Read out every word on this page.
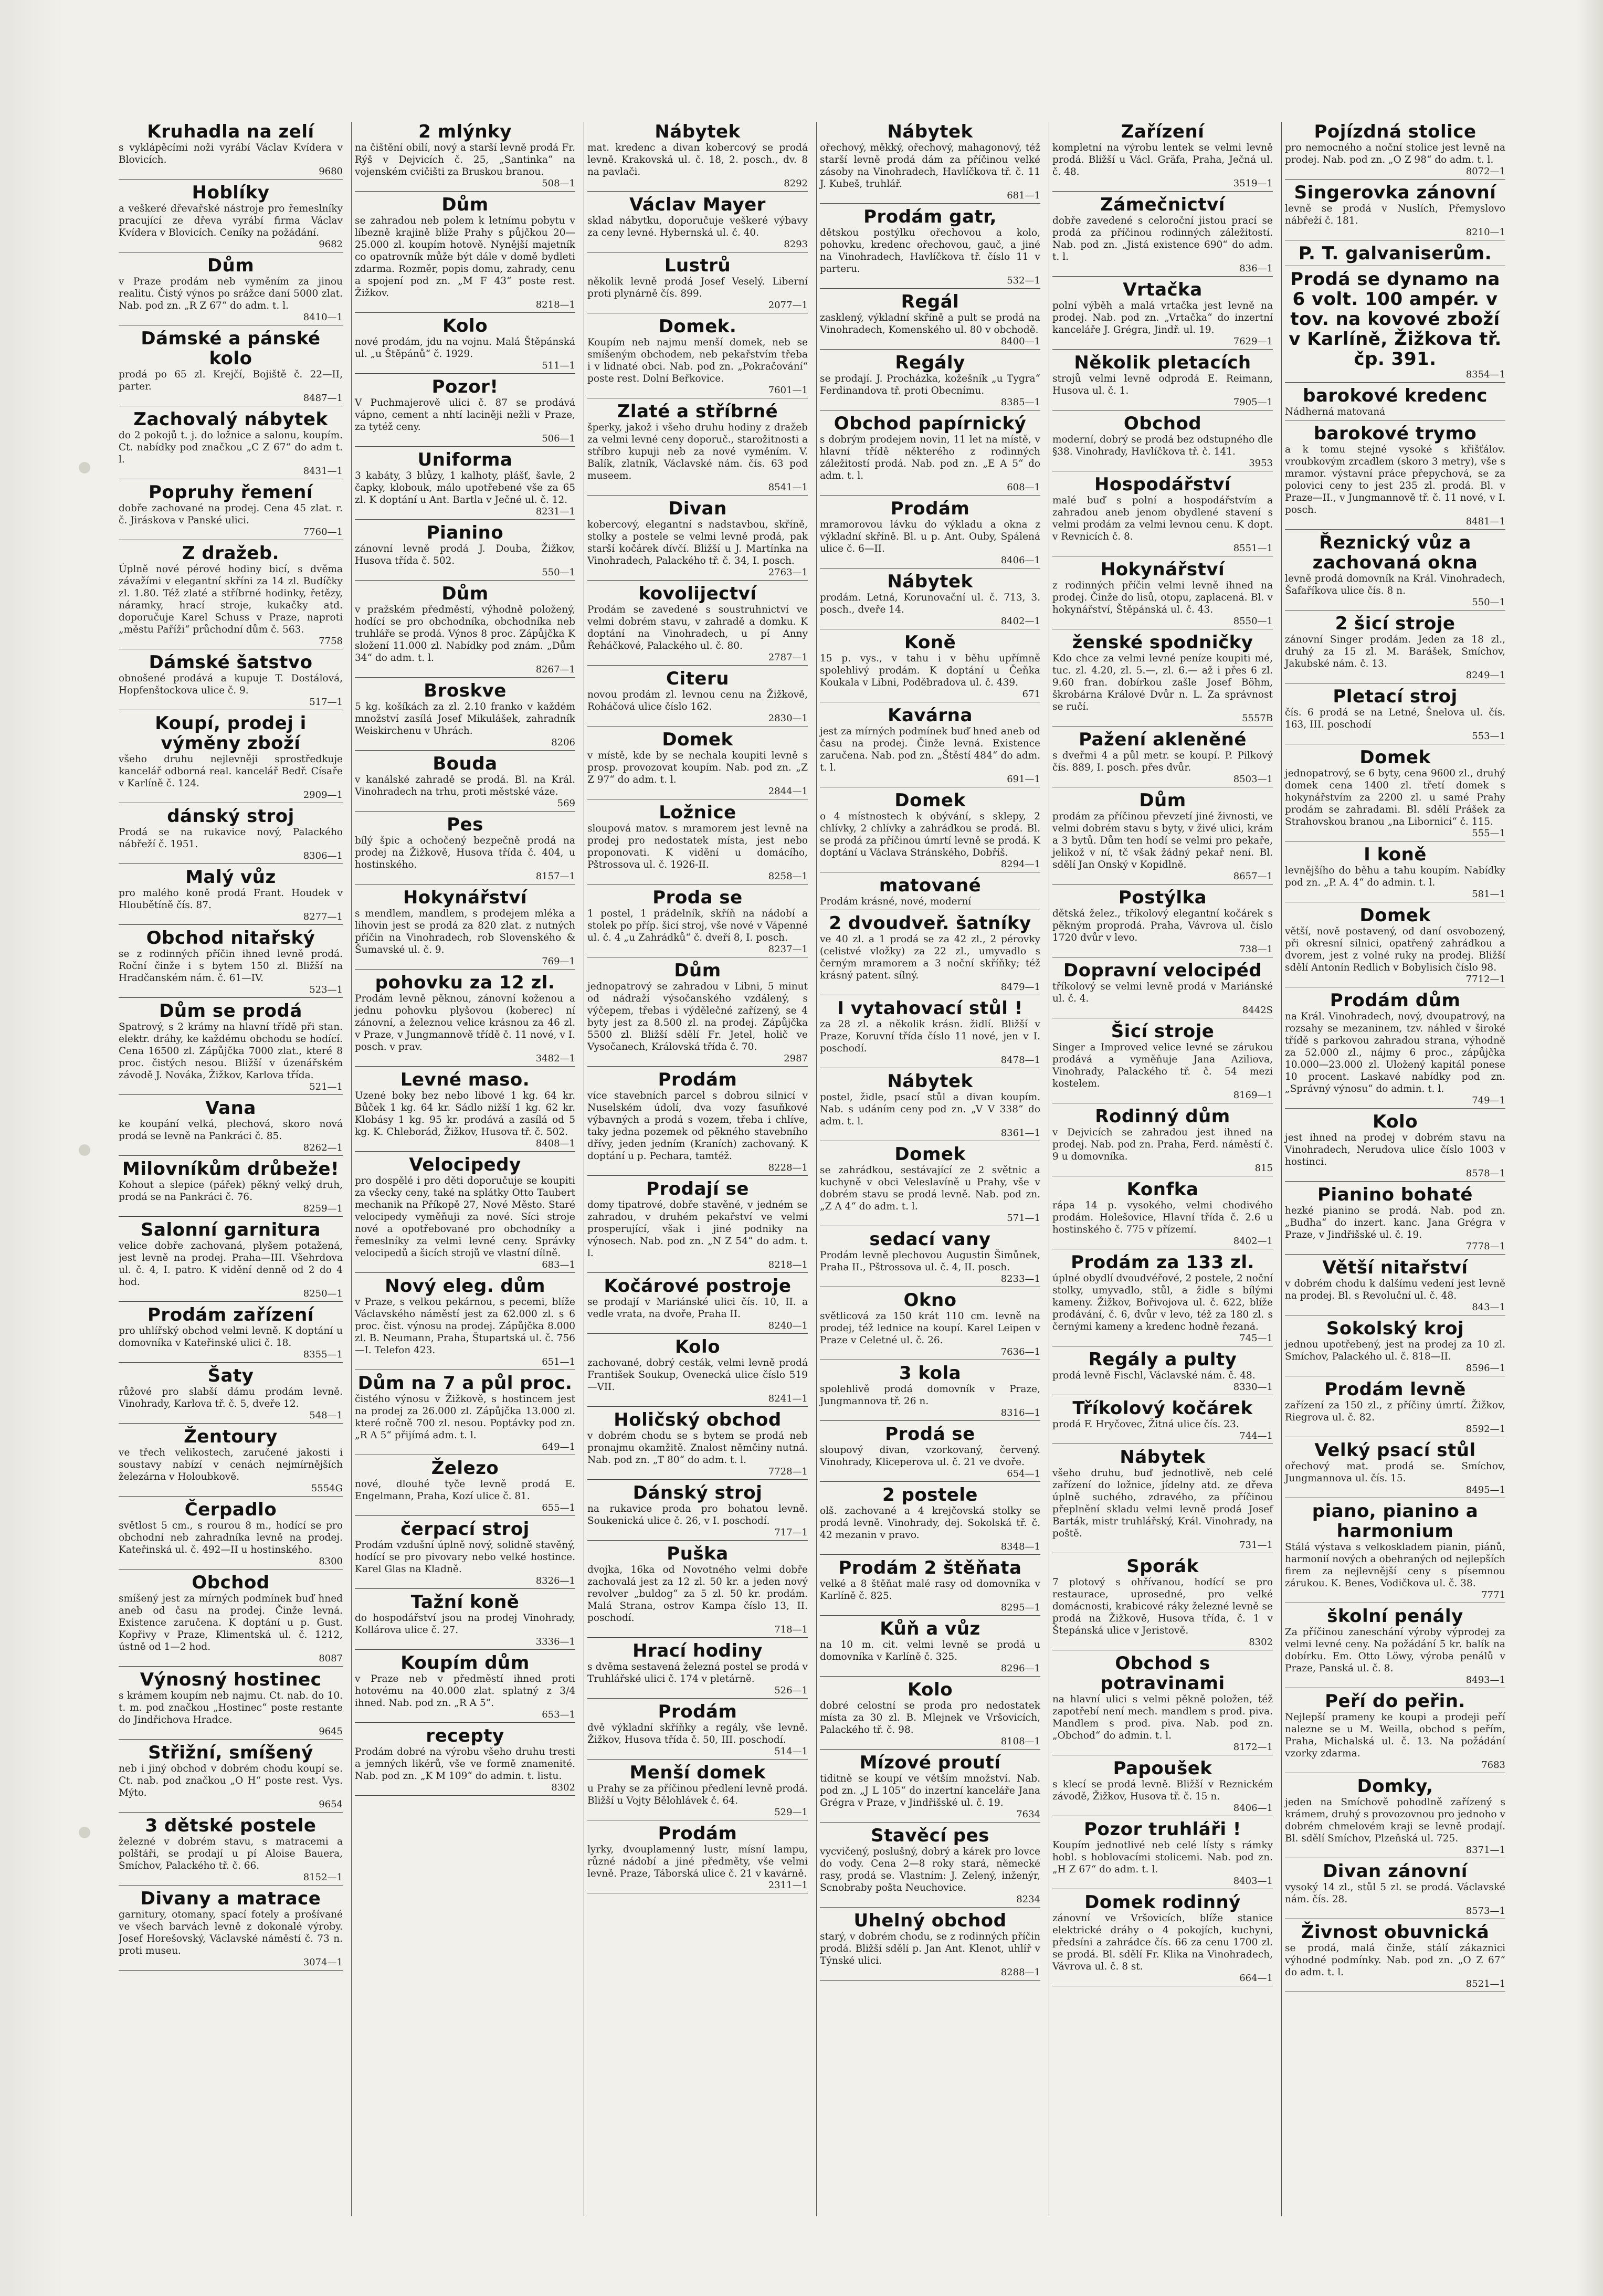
Kruhadla na zelí
s vyklápěcími noži vyrábí Václav Kvídera v Blovicích.
9680
Hoblíky
a veškeré dřevařské nástroje pro řemeslníky pracující ze dřeva vyrábí firma Václav Kvídera v Blovicích. Ceníky na požádání.
9682
Dům
v Praze prodám neb vyměním za jinou realitu. Čistý výnos po srážce daní 5000 zlat. Nab. pod zn. „R Z 67“ do adm. t. l.
8410—1
Dámské a pánské kolo
prodá po 65 zl. Krejčí, Bojiště č. 22—II, parter.
8487—1
Zachovalý nábytek
do 2 pokojů t. j. do ložnice a salonu, koupím. Ct. nabídky pod značkou „C Z 67“ do adm t. l.
8431—1
Popruhy řemení
dobře zachované na prodej. Cena 45 zlat. r. č. Jiráskova v Panské ulici.
7760—1
Z dražeb.
Úplně nové pérové hodiny bicí, s dvěma závažími v elegantní skříni za 14 zl. Budíčky zl. 1.80. Též zlaté a stříbrné hodinky, řetězy, náramky, hrací stroje, kukačky atd. doporučuje Karel Schuss v Praze, naproti „městu Paříži“ průchodní dům č. 563.
7758
Dámské šatstvo
obnošené prodává a kupuje T. Dostálová, Hopfenštockova ulice č. 9.
517—1
Koupí, prodej i výměny zboží
všeho druhu nejlevněji sprostředkuje kancelář odborná real. kancelář Bedř. Císaře v Karlíně č. 124.
2909—1
dánský stroj
Prodá se na rukavice nový, Palackého nábřeží č. 1951.
8306—1
Malý vůz
pro malého koně prodá Frant. Houdek v Hloubětíně čís. 87.
8277—1
Obchod nitařský
se z rodinných příčin ihned levně prodá. Roční činže i s bytem 150 zl. Bližší na Hradčanském nám. č. 61—IV.
523—1
Dům se prodá
Spatrový, s 2 krámy na hlavní třídě při stan. elektr. dráhy, ke každému obchodu se hodící. Cena 16500 zl. Zápůjčka 7000 zlat., které 8 proc. čistých nesou. Bližší v úzenářském závodě J. Nováka, Žižkov, Karlova třída.
521—1
Vana
ke koupání velká, plechová, skoro nová prodá se levně na Pankráci č. 85.
8262—1
Milovníkům drůbeže!
Kohout a slepice (pářek) pěkný velký druh, prodá se na Pankráci č. 76.
8259—1
Salonní garnitura
velice dobře zachovaná, plyšem potažená, jest levně na prodej. Praha—III. Všehrdova ul. č. 4, I. patro. K vidění denně od 2 do 4 hod.
8250—1
Prodám zařízení
pro uhlířský obchod velmi levně. K doptání u domovníka v Kateřinské ulici č. 18.
8355—1
Šaty
růžové pro slabší dámu prodám levně. Vinohrady, Karlova tř. č. 5, dveře 12.
548—1
Žentoury
ve třech velikostech, zaručené jakosti i soustavy nabízí v cenách nejmírnějších železárna v Holoubkově.
5554G
Čerpadlo
světlost 5 cm., s rourou 8 m., hodící se pro obchodní neb zahradníka levně na prodej. Kateřinská ul. č. 492—II u hostinského.
8300
Obchod
smíšený jest za mírných podmínek buď hned aneb od času na prodej. Činže levná. Existence zaručena. K doptání u p. Gust. Kopřivy v Praze, Klimentská ul. č. 1212, ústně od 1—2 hod.
8087
Výnosný hostinec
s krámem koupím neb najmu. Ct. nab. do 10. t. m. pod značkou „Hostinec“ poste restante do Jindřichova Hradce.
9645
Střižní, smíšený
neb i jiný obchod v dobrém chodu koupí se. Ct. nab. pod značkou „O H“ poste rest. Vys. Mýto.
9654
3 dětské postele
železné v dobrém stavu, s matracemi a polštáři, se prodají u pí Aloise Bauera, Smíchov, Palackého tř. č. 66.
8152—1
Divany a matrace
garnitury, otomany, spací fotely a prošívané ve všech barvách levně z dokonalé výroby. Josef Horešovský, Václavské náměstí č. 73 n. proti museu.
3074—1
2 mlýnky
na čištění obilí, nový a starší levně prodá Fr. Rýš v Dejvicích č. 25, „Santinka“ na vojenském cvičišti za Bruskou branou.
508—1
Dům
se zahradou neb polem k letnímu pobytu v líbezně krajině blíže Prahy s půjčkou 20—25.000 zl. koupím hotově. Nynější majetník co opatrovník může být dále v domě bydleti zdarma. Rozměr, popis domu, zahrady, cenu a spojení pod zn. „M F 43“ poste rest. Žižkov.
8218—1
Kolo
nové prodám, jdu na vojnu. Malá Štěpánská ul. „u Štěpánů“ č. 1929.
511—1
Pozor!
V Puchmajerově ulici č. 87 se prodává vápno, cement a nhtí laciněji nežli v Praze, za tytéž ceny.
506—1
Uniforma
3 kabáty, 3 blůzy, 1 kalhoty, plášť, šavle, 2 čapky, klobouk, málo upotřebené vše za 65 zl. K doptání u Ant. Bartla v Ječné ul. č. 12.
8231—1
Pianino
zánovní levně prodá J. Douba, Žižkov, Husova třída č. 502.
550—1
Dům
v pražském předměstí, výhodně položený, hodící se pro obchodníka, obchodníka neb truhláře se prodá. Výnos 8 proc. Zápůjčka K složení 11.000 zl. Nabídky pod znám. „Dům 34“ do adm. t. l.
8267—1
Broskve
5 kg. košíkách za zl. 2.10 franko v každém množství zasílá Josef Mikulášek, zahradník Weiskirchenu v Uhrách.
8206
Bouda
v kanálské zahradě se prodá. Bl. na Král. Vinohradech na trhu, proti městské váze.
569
Pes
bílý špic a ochočený bezpečně prodá na prodej na Žižkově, Husova třída č. 404, u hostinského.
8157—1
Hokynářství
s mendlem, mandlem, s prodejem mléka a lihovin jest se prodá za 820 zlat. z nutných příčin na Vinohradech, rob Slovenského & Šumavské ul. č. 9.
769—1
pohovku za 12 zl.
Prodám levně pěknou, zánovní koženou a jednu pohovku plyšovou (koberec) ní zánovní, a železnou velice krásnou za 46 zl. v Praze, v Jungmannově třídě č. 11 nové, v I. posch. v prav.
3482—1
Levné maso.
Uzené boky bez nebo libové 1 kg. 64 kr. Bůček 1 kg. 64 kr. Sádlo nižší 1 kg. 62 kr. Klobásy 1 kg. 95 kr. prodává a zasílá od 5 kg. K. Chleborád, Žižkov, Husova tř. č. 502.
8408—1
Velocipedy
pro dospělé i pro děti doporučuje se koupiti za všecky ceny, také na splátky Otto Taubert mechanik na Příkopě 27, Nové Město. Staré velocipedy vyměňuji za nové. Síci stroje nové a opotřebované pro obchodníky a řemeslníky za velmi levné ceny. Správky velocipedů a šicích strojů ve vlastní dílně.
683—1
Nový eleg. dům
v Praze, s velkou pekárnou, s pecemi, blíže Václavského náměstí jest za 62.000 zl. s 6 proc. čist. výnosu na prodej. Zápůjčka 8.000 zl. B. Neumann, Praha, Štupartská ul. č. 756—I. Telefon 423.
651—1
Dům na 7 a půl proc.
čistého výnosu v Žižkově, s hostincem jest na prodej za 26.000 zl. Zápůjčka 13.000 zl. které ročně 700 zl. nesou. Poptávky pod zn. „R A 5“ přijímá adm. t. l.
649—1
Železo
nové, dlouhé tyče levně prodá E. Engelmann, Praha, Kozí ulice č. 81.
655—1
čerpací stroj
Prodám vzdušní úplně nový, solidně stavěný, hodící se pro pivovary nebo velké hostince. Karel Glas na Kladně.
8326—1
Tažní koně
do hospodářství jsou na prodej Vinohrady, Kollárova ulice č. 27.
3336—1
Koupím dům
v Praze neb v předměstí ihned proti hotovému na 40.000 zlat. splatný z 3/4 ihned. Nab. pod zn. „R A 5“.
653—1
recepty
Prodám dobré na výrobu všeho druhu tresti a jemných likérů, vše ve formě znamenité. Nab. pod zn. „K M 109“ do admin. t. listu.
8302
Nábytek
mat. kredenc a divan kobercový se prodá levně. Krakovská ul. č. 18, 2. posch., dv. 8 na pavlači.
8292
Václav Mayer
sklad nábytku, doporučuje veškeré výbavy za ceny levné. Hybernská ul. č. 40.
8293
Lustrů
několik levně prodá Josef Veselý. Liberní proti plynárně čís. 899.
2077—1
Domek.
Koupím neb najmu menší domek, neb se smíšeným obchodem, neb pekařstvím třeba i v lidnaté obci. Nab. pod zn. „Pokračování“ poste rest. Dolní Beřkovice.
7601—1
Zlaté a stříbrné
šperky, jakož i všeho druhu hodiny z dražeb za velmi levné ceny doporuč., starožitnosti a stříbro kupuji neb za nové vyměním. V. Balík, zlatník, Václavské nám. čís. 63 pod museem.
8541—1
Divan
kobercový, elegantní s nadstavbou, skříně, stolky a postele se velmi levně prodá, pak starší kočárek dívčí. Bližší u J. Martínka na Vinohradech, Palackého tř. č. 34, I. posch.
2763—1
kovolijectví
Prodám se zavedené s soustruhnictví ve velmi dobrém stavu, v zahradě a domku. K doptání na Vinohradech, u pí Anny Řeháčkové, Palackého ul. č. 80.
2787—1
Citeru
novou prodám zl. levnou cenu na Žižkově, Roháčová ulice číslo 162.
2830—1
Domek
v místě, kde by se nechala koupiti levně s prosp. provozovat koupím. Nab. pod zn. „Z Z 97“ do adm. t. l.
2844—1
Ložnice
sloupová matov. s mramorem jest levně na prodej pro nedostatek místa, jest nebo proponovati. K vidění u domácího, Pštrossova ul. č. 1926-II.
8258—1
Proda se
1 postel, 1 prádelník, skříň na nádobí a stolek po příp. šicí stroj, vše nové v Vápenné ul. č. 4 „u Zahrádků“ č. dveří 8, I. posch.
8237—1
Dům
jednopatrový se zahradou v Libni, 5 minut od nádraží výsočanského vzdálený, s výčepem, třebas i výdělečné zařízený, se 4 byty jest za 8.500 zl. na prodej. Zápůjčka 5500 zl. Bližší sdělí Fr. Jetel, holič ve Vysočanech, Královská třída č. 70.
2987
Prodám
více stavebních parcel s dobrou silnicí v Nuselském údolí, dva vozy fasuňkové výbavných a prodá s vozem, třeba i chlíve, taky jedna pozemek od pěkného stavebního dřívy, jeden jedním (Kraních) zachovaný. K doptání u p. Pechara, tamtéž.
8228—1
Prodají se
domy tipatrové, dobře stavěné, v jedném se zahradou, v druhém pekařství ve velmi prosperující, však i jiné podniky na výnosech. Nab. pod zn. „N Z 54“ do adm. t. l.
8218—1
Kočárové postroje
se prodají v Mariánské ulici čís. 10, II. a vedle vrata, na dvoře, Praha II.
8240—1
Kolo
zachované, dobrý cesták, velmi levně prodá František Soukup, Ovenecká ulice číslo 519—VII.
8241—1
Holičský obchod
v dobrém chodu se s bytem se prodá neb pronajmu okamžitě. Znalost němčiny nutná. Nab. pod zn. „T 80“ do adm. t. l.
7728—1
Dánský stroj
na rukavice proda pro bohatou levně. Soukenická ulice č. 26, v I. poschodí.
717—1
Puška
dvojka, 16ka od Novotného velmi dobře zachovalá jest za 12 zl. 50 kr. a jeden nový revolver „buldog“ za 5 zl. 50 kr. prodám. Malá Strana, ostrov Kampa číslo 13, II. poschodí.
718—1
Hrací hodiny
s dvěma sestavená železná postel se prodá v Truhlářské ulici č. 174 v pletárně.
526—1
Prodám
dvě výkladní skříňky a regály, vše levně. Žižkov, Husova třída č. 50, III. poschodí.
514—1
Menší domek
u Prahy se za příčinou předlení levně prodá. Bližší u Vojty Bělohlávek č. 64.
529—1
Prodám
lyrky, dvouplamenný lustr, mísní lampu, různé nádobí a jiné předměty, vše velmi levně. Praze, Táborská ulice č. 21 v kavárně.
2311—1
Nábytek
ořechový, měkký, ořechový, mahagonový, též starší levně prodá dám za příčinou velké zásoby na Vinohradech, Havlíčkova tř. č. 11 J. Kubeš, truhlář.
681—1
Prodám gatr,
dětskou postýlku ořechovou a kolo, pohovku, kredenc ořechovou, gauč, a jiné na Vinohradech, Havlíčkova tř. číslo 11 v parteru.
532—1
Regál
zasklený, výkladní skříně a pult se prodá na Vinohradech, Komenského ul. 80 v obchodě.
8400—1
Regály
se prodají. J. Procházka, kožešník „u Tygra“ Ferdinandova tř. proti Obecnímu.
8385—1
Obchod papírnický
s dobrým prodejem novin, 11 let na místě, v hlavní třídě některého z rodinných záležitostí prodá. Nab. pod zn. „E A 5“ do adm. t. l.
608—1
Prodám
mramorovou lávku do výkladu a okna z výkladní skříně. Bl. u p. Ant. Ouby, Spálená ulice č. 6—II.
8406—1
Nábytek
prodám. Letná, Korunovační ul. č. 713, 3. posch., dveře 14.
8402—1
Koně
15 p. vys., v tahu i v běhu upřímně spolehlivý prodám. K doptání u Čeňka Koukala v Libni, Poděbradova ul. č. 439.
671
Kavárna
jest za mírných podmínek buď hned aneb od času na prodej. Činže levná. Existence zaručena. Nab. pod zn. „Štěstí 484“ do adm. t. l.
691—1
Domek
o 4 místnostech k obývání, s sklepy, 2 chlívky, 2 chlívky a zahrádkou se prodá. Bl. se prodá za příčinou úmrtí levně se prodá. K doptání u Václava Stránského, Dobříš.
8294—1
matované
Prodám krásné, nové, moderní
2 dvoudveř. šatníky
ve 40 zl. a 1 prodá se za 42 zl., 2 pérovky (celistvé vložky) za 22 zl., umyvadlo s černým mramorem a 3 noční skříňky; též krásný patent. sílný.
8479—1
I vytahovací stůl !
za 28 zl. a několik krásn. židlí. Bližší v Praze, Koruvní třída číslo 11 nové, jen v I. poschodí.
8478—1
Nábytek
postel, židle, psací stůl a divan koupím. Nab. s udáním ceny pod zn. „V V 338“ do adm. t. l.
8361—1
Domek
se zahrádkou, sestávající ze 2 světnic a kuchyně v obci Veleslavíně u Prahy, vše v dobrém stavu se prodá levně. Nab. pod zn. „Z A 4“ do adm. t. l.
571—1
sedací vany
Prodám levně plechovou Augustin Šimůnek, Praha II., Pštrossova ul. č. 4, II. posch.
8233—1
Okno
světlicová za 150 krát 110 cm. levně na prodej, též lednice na koupí. Karel Leipen v Praze v Celetné ul. č. 26.
7636—1
3 kola
spolehlivě prodá domovník v Praze, Jungmannova tř. 26 n.
8316—1
Prodá se
sloupový divan, vzorkovaný, červený. Vinohrady, Kliceperova ul. č. 21 ve dvoře.
654—1
2 postele
olš. zachované a 4 krejčovská stolky se prodá levně. Vinohrady, dej. Sokolská tř. č. 42 mezanin v pravo.
8348—1
Prodám 2 štěňata
velké a 8 štěňat malé rasy od domovníka v Karlíně č. 825.
8295—1
Kůň a vůz
na 10 m. cit. velmi levně se prodá u domovníka v Karlíně č. 325.
8296—1
Kolo
dobré celostní se proda pro nedostatek místa za 30 zl. B. Mlejnek ve Vršovicích, Palackého tř. č. 98.
8108—1
Mízové proutí
tiditně se koupí ve větším množství. Nab. pod zn. „J L 105“ do inzertní kanceláře Jana Grégra v Praze, v Jindřišské ul. č. 19.
7634
Stavěcí pes
vycvičený, poslušný, dobrý a kárek pro lovce do vody. Cena 2—8 roky stará, německé rasy, prodá se. Vlastním: J. Zelený, inženýr, Scnobraby pošta Neuchovice.
8234
Uhelný obchod
starý, v dobrém chodu, se z rodinných příčin prodá. Bližší sdělí p. Jan Ant. Klenot, uhlíř v Týnské ulici.
8288—1
Zařízení
kompletní na výrobu lentek se velmi levně prodá. Bližší u Václ. Gräfa, Praha, Ječná ul. č. 48.
3519—1
Zámečnictví
dobře zavedené s celoroční jistou prací se prodá za příčinou rodinných záležitostí. Nab. pod zn. „Jistá existence 690“ do adm. t. l.
836—1
Vrtačka
polní výběh a malá vrtačka jest levně na prodej. Nab. pod zn. „Vrtačka“ do inzertní kanceláře J. Grégra, Jindř. ul. 19.
7629—1
Několik pletacích
strojů velmi levně odprodá E. Reimann, Husova ul. č. 1.
7905—1
Obchod
moderní, dobrý se prodá bez odstupného dle §38. Vinohrady, Havlíčkova tř. č. 141.
3953
Hospodářství
malé buď s polní a hospodářstvím a zahradou aneb jenom obydlené stavení s velmi prodám za velmi levnou cenu. K dopt. v Revnicích č. 8.
8551—1
Hokynářství
z rodinných příčin velmi levně ihned na prodej. Činže do lisů, otopu, zaplacená. Bl. v hokynářství, Štěpánská ul. č. 43.
8550—1
ženské spodničky
Kdo chce za velmi levné peníze koupiti mé, tuc. zl. 4.20, zl. 5.—, zl. 6.— až i přes 6 zl. 9.60 fran. dobírkou zašle Josef Böhm, škrobárna Králové Dvůr n. L. Za správnost se ručí.
5557B
Pažení akleněné
s dveřmi 4 a půl metr. se koupí. P. Pilkový čís. 889, I. posch. přes dvůr.
8503—1
Dům
prodám za příčinou převzetí jiné živnosti, ve velmi dobrém stavu s byty, v živé ulici, krám a 3 bytů. Dům ten hodí se velmi pro pekaře, jelikož v ní, tč však žádný pekař není. Bl. sdělí Jan Onský v Kopidlně.
8657—1
Postýlka
dětská želez., tříkolový elegantní kočárek s pěkným proprodá. Praha, Vávrova ul. číslo 1720 dvůr v levo.
738—1
Dopravní velocipéd
tříkolový se velmi levně prodá v Mariánské ul. č. 4.
8442S
Šicí stroje
Singer a Improved velice levné se zárukou prodává a vyměňuje Jana Aziliova, Vinohrady, Palackého tř. č. 54 mezi kostelem.
8169—1
Rodinný dům
v Dejvicích se zahradou jest ihned na prodej. Nab. pod zn. Praha, Ferd. náměstí č. 9 u domovníka.
815
Konfka
rápa 14 p. vysokého, velmi chodivého prodám. Holešovice, Hlavní třída č. 2.6 u hostinského č. 775 v přízemí.
8402—1
Prodám za 133 zl.
úplné obydlí dvoudvéřové, 2 postele, 2 noční stolky, umyvadlo, stůl, a židle s bílými kameny. Žižkov, Bořivojova ul. č. 622, blíže prodávání, č. 6, dvůr v levo, též za 180 zl. s černými kameny a kredenc hodně řezaná.
745—1
Regály a pulty
prodá levně Fischl, Václavské nám. č. 48.
8330—1
Tříkolový kočárek
prodá F. Hryčovec, Žitná ulice čís. 23.
744—1
Nábytek
všeho druhu, buď jednotlivě, neb celé zařízení do ložnice, jídelny atd. ze dřeva úplně suchého, zdravého, za příčinou přeplnění skladu velmi levně prodá Josef Barták, mistr truhlářský, Král. Vinohrady, na poště.
731—1
Sporák
7 plotový s ohřívanou, hodící se pro restaurace, uprosedné, pro velké domácnosti, krabicové ráky železné levně se prodá na Žižkově, Husova třída, č. 1 v Štepánská ulice v Jeristově.
8302
Obchod s potravinami
na hlavní ulici s velmi pěkně položen, též zapotřebí není mech. mandlem s prod. piva. Mandlem s prod. piva. Nab. pod zn. „Obchod“ do admin. t. l.
8172—1
Papoušek
s klecí se prodá levně. Bližší v Reznickém závodě, Žižkov, Husova tř. č. 15 n.
8406—1
Pozor truhláři !
Koupím jednotlivé neb celé lísty s rámky hobl. s hoblovacími stolicemi. Nab. pod zn. „H Z 67“ do adm. t. l.
8403—1
Domek rodinný
zánovní ve Vršovicích, blíže stanice elektrické dráhy o 4 pokojích, kuchyni, předsíni a zahrádce čís. 66 za cenu 1700 zl. se prodá. Bl. sdělí Fr. Klika na Vinohradech, Vávrova ul. č. 8 st.
664—1
Pojízdná stolice
pro nemocného a noční stolice jest levně na prodej. Nab. pod zn. „O Z 98“ do adm. t. l.
8072—1
Singerovka zánovní
levně se prodá v Nuslích, Přemyslovo nábřeží č. 181.
8210—1
P. T. galvaniserům.
Prodá se dynamo na 6 volt. 100 ampér. v tov. na kovové zboží v Karlíně, Žižkova tř. čp. 391.
8354—1
barokové kredenc
Nádherná matovaná
barokové trymo
a k tomu stejné vysoké s křišťálov. vroubkovým zrcadlem (skoro 3 metry), vše s mramor. výstavní práce přepychová, se za polovici ceny to jest 235 zl. prodá. Bl. v Praze—II., v Jungmannově tř. č. 11 nové, v I. posch.
8481—1
Řeznický vůz a zachovaná okna
levně prodá domovník na Král. Vinohradech, Šafaříkova ulice čís. 8 n.
550—1
2 šicí stroje
zánovní Singer prodám. Jeden za 18 zl., druhý za 15 zl. M. Barášek, Smíchov, Jakubské nám. č. 13.
8249—1
Pletací stroj
čís. 6 prodá se na Letné, Šnelova ul. čís. 163, III. poschodí
553—1
Domek
jednopatrový, se 6 byty, cena 9600 zl., druhý domek cena 1400 zl. třetí domek s hokynářstvím za 2200 zl. u samé Prahy prodám se zahradami. Bl. sdělí Prášek za Strahovskou branou „na Libornici“ č. 115.
555—1
I koně
levnějšího do běhu a tahu koupím. Nabídky pod zn. „P. A. 4“ do admin. t. l.
581—1
Domek
větší, nově postavený, od daní osvobozený, při okresní silnici, opatřený zahrádkou a dvorem, jest z volné ruky na prodej. Bližší sdělí Antonín Redlich v Bobylisích číslo 98.
7712—1
Prodám dům
na Král. Vinohradech, nový, dvoupatrový, na rozsahy se mezaninem, tzv. náhled v široké třídě s parkovou zahradou strana, výhodně za 52.000 zl., nájmy 6 proc., zápůjčka 10.000—23.000 zl. Uložený kapitál ponese 10 procent. Laskavé nabídky pod zn. „Správný výnosu“ do admin. t. l.
749—1
Kolo
jest ihned na prodej v dobrém stavu na Vinohradech, Nerudova ulice číslo 1003 v hostinci.
8578—1
Pianino bohaté
hezké pianino se prodá. Nab. pod zn. „Budha“ do inzert. kanc. Jana Grégra v Praze, v Jindřišské ul. č. 19.
7778—1
Větší nitařství
v dobrém chodu k dalšímu vedení jest levně na prodej. Bl. s Revoluční ul. č. 48.
843—1
Sokolský kroj
jednou upotřebený, jest na prodej za 10 zl. Smíchov, Palackého ul. č. 818—II.
8596—1
Prodám levně
zařízení za 150 zl., z příčiny úmrtí. Žižkov, Riegrova ul. č. 82.
8592—1
Velký psací stůl
ořechový mat. prodá se. Smíchov, Jungmannova ul. čís. 15.
8495—1
piano, pianino a harmonium
Stálá výstava s velkoskladem pianin, piánů, harmonií nových a obehraných od nejlepších firem za nejlevnější ceny s písemnou zárukou. K. Benes, Vodičkova ul. č. 38.
7771
školní penály
Za příčinou zaneschání výroby výprodej za velmi levné ceny. Na požádání 5 kr. balík na dobírku. Em. Otto Löwy, výroba penálů v Praze, Panská ul. č. 8.
8493—1
Peří do peřin.
Nejlepší prameny ke koupi a prodeji peří nalezne se u M. Weilla, obchod s peřím, Praha, Michalská ul. č. 13. Na požádání vzorky zdarma.
7683
Domky,
jeden na Smíchově pohodlně zařízený s krámem, druhý s provozovnou pro jednoho v dobrém chmelovém kraji se levně prodají. Bl. sdělí Smíchov, Plzeňská ul. 725.
8371—1
Divan zánovní
vysoký 14 zl., stůl 5 zl. se prodá. Václavské nám. čís. 28.
8573—1
Živnost obuvnická
se prodá, malá činže, stálí zákaznici výhodné podmínky. Nab. pod zn. „O Z 67“ do adm. t. l.
8521—1
